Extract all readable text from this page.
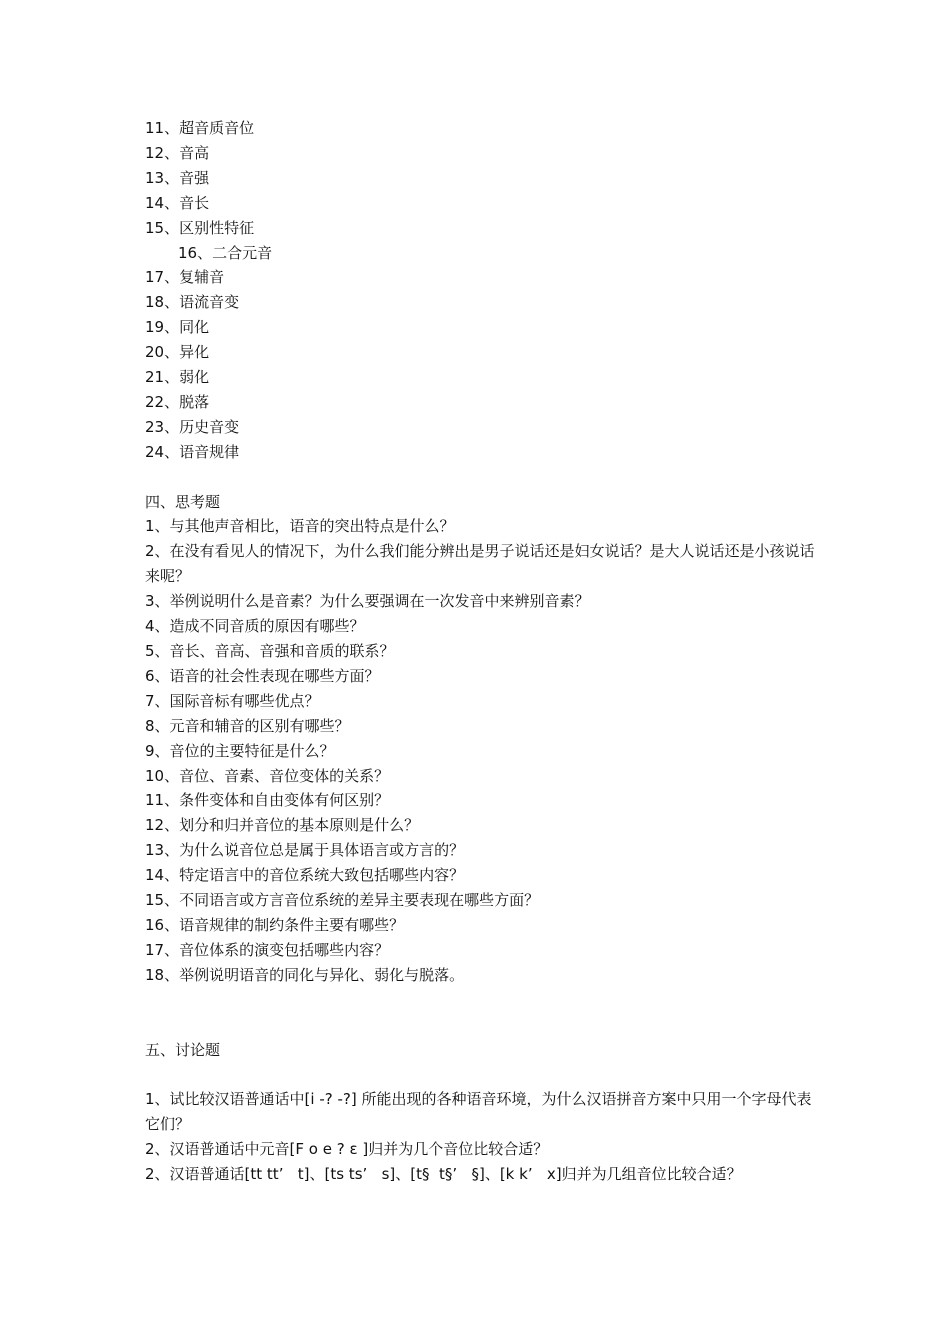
11、超音质音位
12、音高
13、音强
14、音长
15、区别性特征
16、二合元音
17、复辅音
18、语流音变
19、同化
20、异化
21、弱化
22、脱落
23、历史音变
24、语音规律
四、思考题
1、与其他声音相比，语音的突出特点是什么？
2、在没有看见人的情况下，为什么我们能分辨出是男子说话还是妇女说话？是大人说话还是小孩说话来呢？
3、举例说明什么是音素？为什么要强调在一次发音中来辨别音素？
4、造成不同音质的原因有哪些？
5、音长、音高、音强和音质的联系？
6、语音的社会性表现在哪些方面？
7、国际音标有哪些优点？
8、元音和辅音的区别有哪些？
9、音位的主要特征是什么？
10、音位、音素、音位变体的关系？
11、条件变体和自由变体有何区别？
12、划分和归并音位的基本原则是什么？
13、为什么说音位总是属于具体语言或方言的？
14、特定语言中的音位系统大致包括哪些内容？
15、不同语言或方言音位系统的差异主要表现在哪些方面？
16、语音规律的制约条件主要有哪些？
17、音位体系的演变包括哪些内容？
18、举例说明语音的同化与异化、弱化与脱落。
五、讨论题
1、试比较汉语普通话中[i -? -?] 所能出现的各种语音环境，为什么汉语拼音方案中只用一个字母代表它们？
2、汉语普通话中元音[F o e ? ε ]归并为几个音位比较合适？
2、汉语普通话[tt tt’   t]、[ts ts’   s]、[t§  t§’   §]、[k k’   x]归并为几组音位比较合适？
